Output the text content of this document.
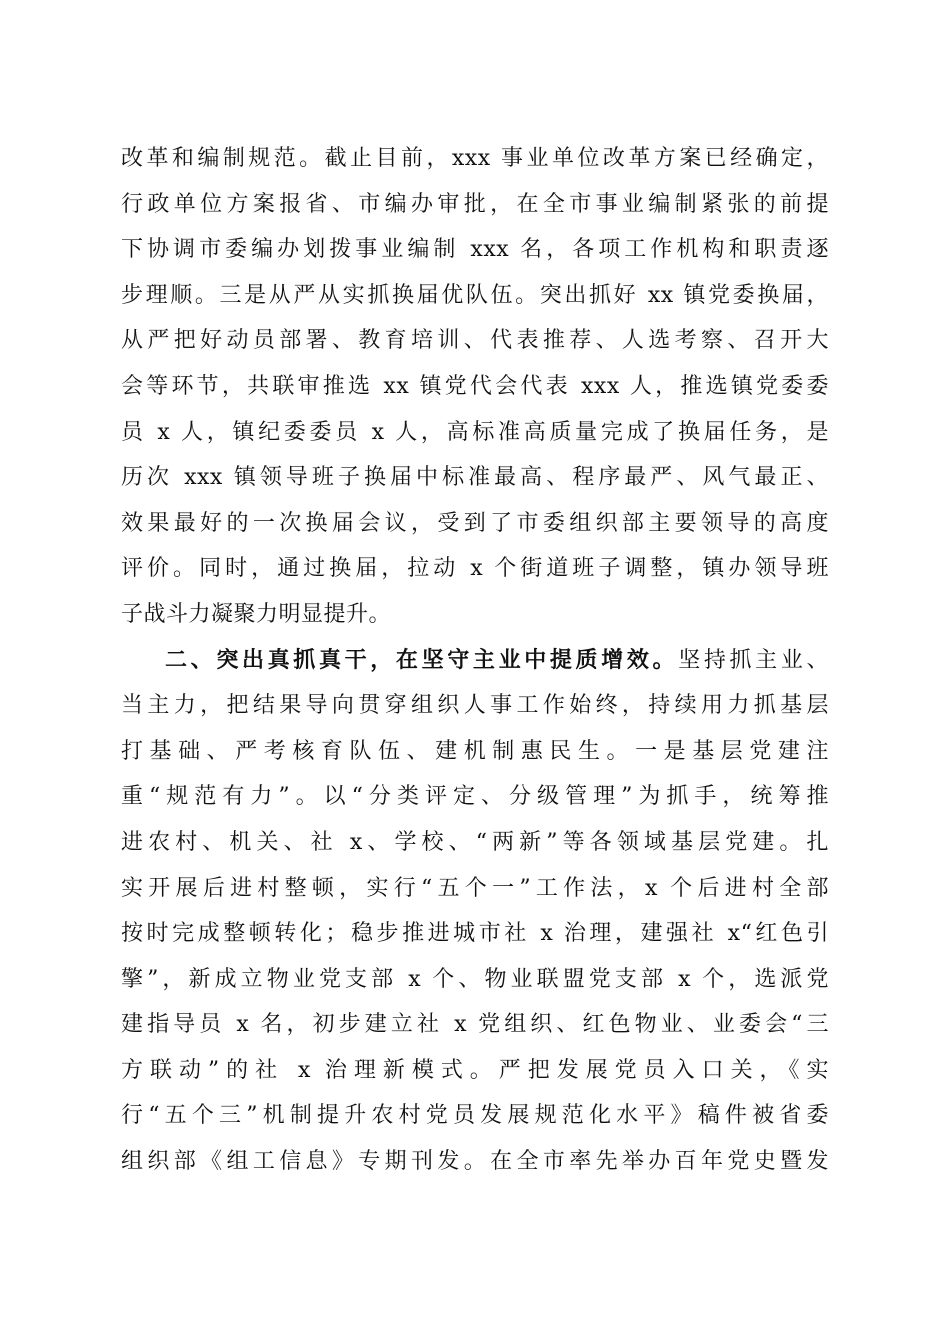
改革和编制规范。截止目前，xxx 事业单位改革方案已经确定，
行政单位方案报省、市编办审批，在全市事业编制紧张的前提
下协调市委编办划拨事业编制 xxx 名，各项工作机构和职责逐
步理顺。三是从严从实抓换届优队伍。突出抓好 xx 镇党委换届，
从严把好动员部署、教育培训、代表推荐、人选考察、召开大
会等环节，共联审推选 xx 镇党代会代表 xxx 人，推选镇党委委
员 x 人，镇纪委委员 x 人，高标准高质量完成了换届任务，是
历次 xxx 镇领导班子换届中标准最高、程序最严、风气最正、
效果最好的一次换届会议，受到了市委组织部主要领导的高度
评价。同时，通过换届，拉动 x 个街道班子调整，镇办领导班
子战斗力凝聚力明显提升。
二、突出真抓真干，在坚守主业中提质增效。坚持抓主业、
当主力，把结果导向贯穿组织人事工作始终，持续用力抓基层
打基础、严考核育队伍、建机制惠民生。一是基层党建注
重“规范有力”。以“分类评定、分级管理”为抓手，统筹推
进农村、机关、社 x、学校、“两新”等各领域基层党建。扎
实开展后进村整顿，实行“五个一”工作法，x 个后进村全部
按时完成整顿转化；稳步推进城市社 x 治理，建强社 x“红色引
擎”，新成立物业党支部 x 个、物业联盟党支部 x 个，选派党
建指导员 x 名，初步建立社 x 党组织、红色物业、业委会“三
方联动”的社 x 治理新模式。严把发展党员入口关，《实
行“五个三”机制提升农村党员发展规范化水平》稿件被省委
组织部《组工信息》专期刊发。在全市率先举办百年党史暨发
